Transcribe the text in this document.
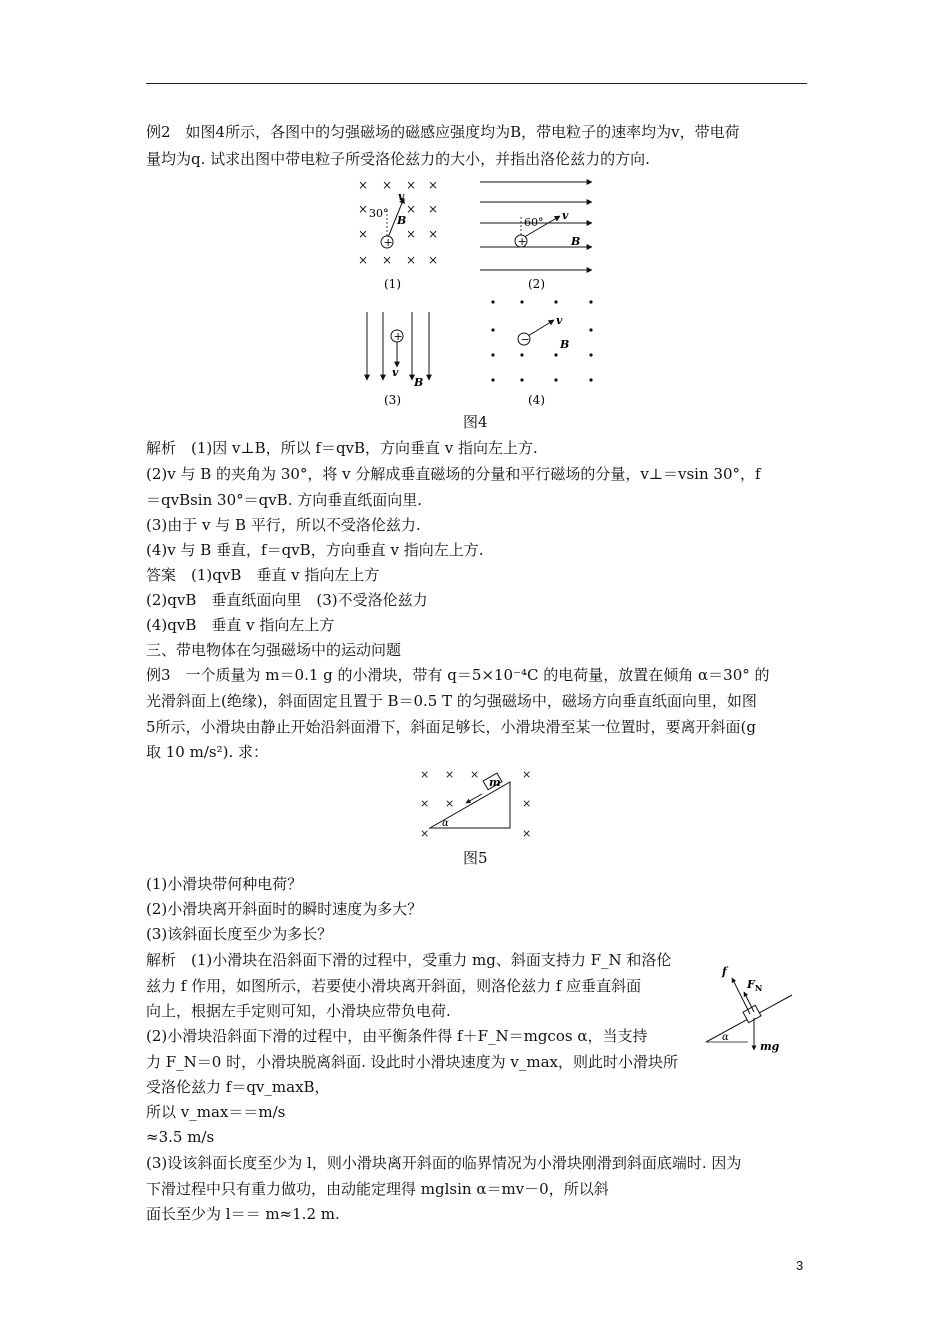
例2　如图4所示，各图中的匀强磁场的磁感应强度均为B，带电粒子的速率均为v，带电荷
量均为q. 试求出图中带电粒子所受洛伦兹力的大小，并指出洛伦兹力的方向.
× × × ×
×	× ×
×	× ×
× × × ×
+
30°
v
B
(1)
+
60°
v
B
(2)
+
v
B
(3)
−
v
B
(4)
图4
解析　(1)因 v⊥B，所以 f＝qvB，方向垂直 v 指向左上方.
(2)v 与 B 的夹角为 30°，将 v 分解成垂直磁场的分量和平行磁场的分量，v⊥＝vsin 30°，f
＝qvBsin 30°＝qvB. 方向垂直纸面向里.
(3)由于 v 与 B 平行，所以不受洛伦兹力.
(4)v 与 B 垂直，f＝qvB，方向垂直 v 指向左上方.
答案　(1)qvB　垂直 v 指向左上方
(2)qvB　垂直纸面向里　(3)不受洛伦兹力
(4)qvB　垂直 v 指向左上方
三、带电物体在匀强磁场中的运动问题
例3　一个质量为 m＝0.1 g 的小滑块，带有 q＝5×10⁻⁴C 的电荷量，放置在倾角 α＝30° 的
光滑斜面上(绝缘)，斜面固定且置于 B＝0.5 T 的匀强磁场中，磁场方向垂直纸面向里，如图
5所示，小滑块由静止开始沿斜面滑下，斜面足够长，小滑块滑至某一位置时，要离开斜面(g
取 10 m/s²). 求：
× × ×	×
× ×	×
×	×
m
α
图5
(1)小滑块带何种电荷？
(2)小滑块离开斜面时的瞬时速度为多大？
(3)该斜面长度至少为多长？
解析　(1)小滑块在沿斜面下滑的过程中，受重力 mg、斜面支持力 F_N 和洛伦
兹力 f 作用，如图所示，若要使小滑块离开斜面，则洛伦兹力 f 应垂直斜面
向上，根据左手定则可知，小滑块应带负电荷.
(2)小滑块沿斜面下滑的过程中，由平衡条件得 f＋F_N＝mgcos α，当支持
力 F_N＝0 时，小滑块脱离斜面. 设此时小滑块速度为 v_max，则此时小滑块所
受洛伦兹力 f＝qv_maxB，
所以 v_max＝＝m/s
≈3.5 m/s
(3)设该斜面长度至少为 l，则小滑块离开斜面的临界情况为小滑块刚滑到斜面底端时. 因为
下滑过程中只有重力做功，由动能定理得 mglsin α＝mv－0，所以斜
面长至少为 l＝＝ m≈1.2 m.
f
F N
mg
α
3
